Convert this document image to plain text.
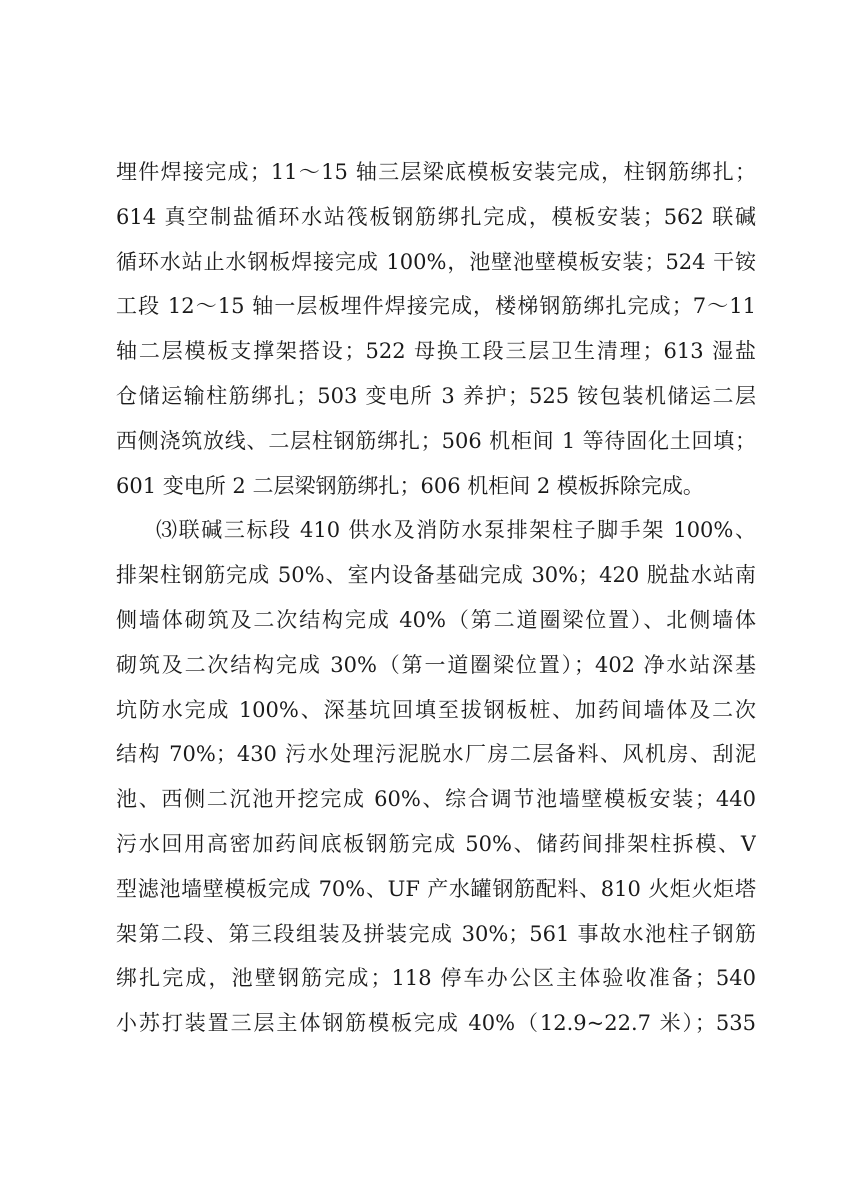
埋件焊接完成；11～15 轴三层梁底模板安装完成，柱钢筋绑扎；
614 真空制盐循环水站筏板钢筋绑扎完成，模板安装；562 联碱
循环水站止水钢板焊接完成 100%，池壁池壁模板安装；524 干铵
工段 12～15 轴一层板埋件焊接完成，楼梯钢筋绑扎完成；7～11
轴二层模板支撑架搭设；522 母换工段三层卫生清理；613 湿盐
仓储运输柱筋绑扎；503 变电所 3 养护；525 铵包装机储运二层
西侧浇筑放线、二层柱钢筋绑扎；506 机柜间 1 等待固化土回填；
601 变电所 2 二层梁钢筋绑扎；606 机柜间 2 模板拆除完成。
⑶联碱三标段 410 供水及消防水泵排架柱子脚手架 100%、
排架柱钢筋完成 50%、室内设备基础完成 30%；420 脱盐水站南
侧墙体砌筑及二次结构完成 40%（第二道圈梁位置）、北侧墙体
砌筑及二次结构完成 30%（第一道圈梁位置）；402 净水站深基
坑防水完成 100%、深基坑回填至拔钢板桩、加药间墙体及二次
结构 70%；430 污水处理污泥脱水厂房二层备料、风机房、刮泥
池、西侧二沉池开挖完成 60%、综合调节池墙壁模板安装；440
污水回用高密加药间底板钢筋完成 50%、储药间排架柱拆模、V
型滤池墙壁模板完成 70%、UF 产水罐钢筋配料、810 火炬火炬塔
架第二段、第三段组装及拼装完成 30%；561 事故水池柱子钢筋
绑扎完成，池壁钢筋完成；118 停车办公区主体验收准备；540
小苏打装置三层主体钢筋模板完成 40%（12.9~22.7 米）；535
